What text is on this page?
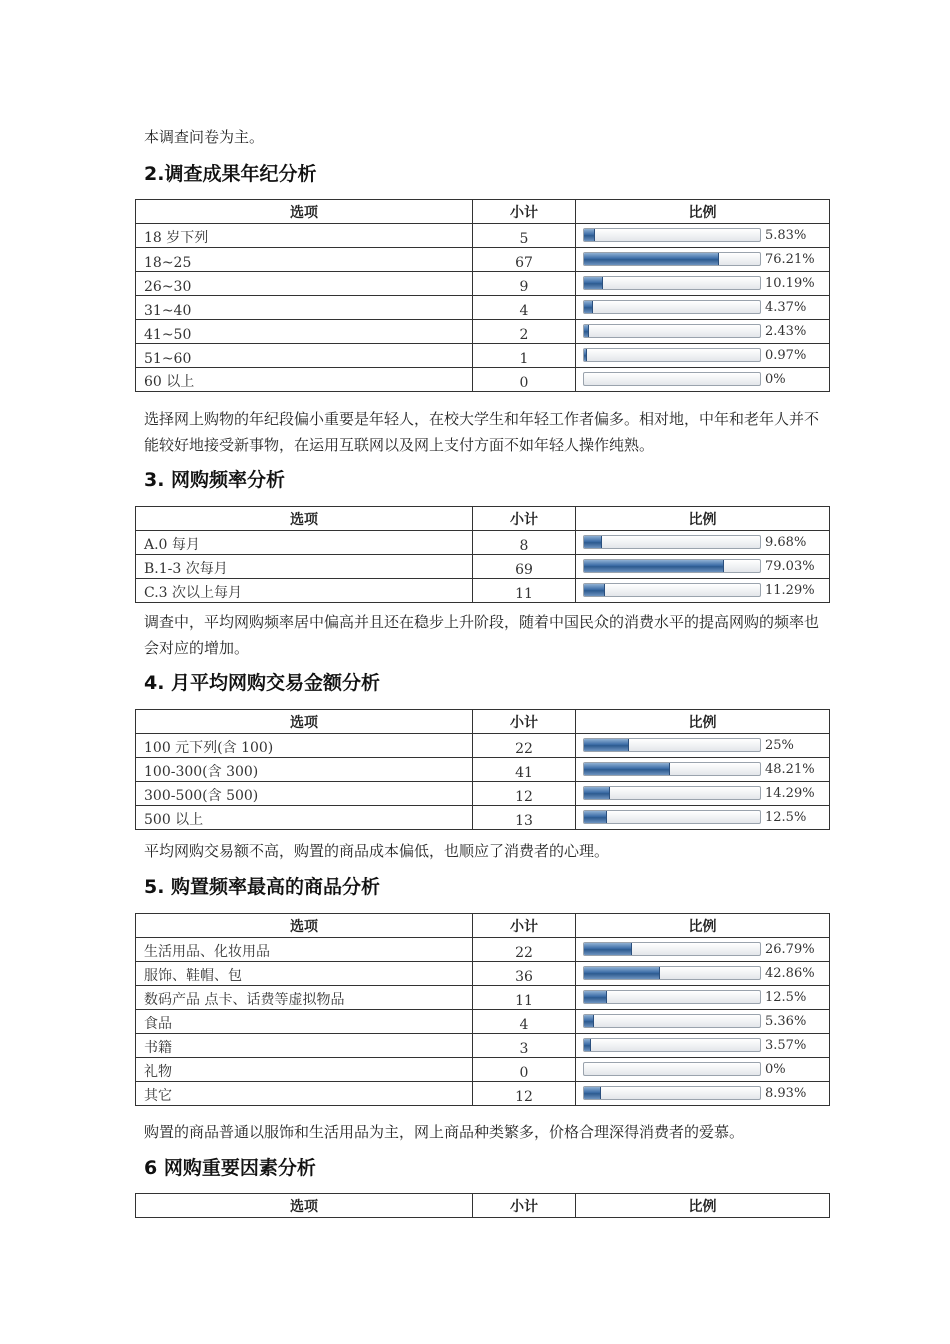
本调查问卷为主。

2.调查成果年纪分析
选项	小计	比例
18 岁下列	5	5.83%
18~25	67	76.21%
26~30	9	10.19%
31~40	4	4.37%
41~50	2	2.43%
51~60	1	0.97%
60 以上	0	0%

选择网上购物的年纪段偏小重要是年轻人，在校大学生和年轻工作者偏多。相对地，中年和老年人并不能较好地接受新事物，在运用互联网以及网上支付方面不如年轻人操作纯熟。

3. 网购频率分析
选项	小计	比例
A.0 每月	8	9.68%
B.1-3 次每月	69	79.03%
C.3 次以上每月	11	11.29%

调查中，平均网购频率居中偏高并且还在稳步上升阶段，随着中国民众的消费水平的提高网购的频率也会对应的增加。

4. 月平均网购交易金额分析
选项	小计	比例
100 元下列(含 100)	22	25%
100-300(含 300)	41	48.21%
300-500(含 500)	12	14.29%
500 以上	13	12.5%

平均网购交易额不高，购置的商品成本偏低，也顺应了消费者的心理。

5. 购置频率最高的商品分析
选项	小计	比例
生活用品、化妆用品	22	26.79%
服饰、鞋帽、包	36	42.86%
数码产品 点卡、话费等虚拟物品	11	12.5%
食品	4	5.36%
书籍	3	3.57%
礼物	0	0%
其它	12	8.93%

购置的商品普通以服饰和生活用品为主，网上商品种类繁多，价格合理深得消费者的爱慕。

6 网购重要因素分析
选项	小计	比例
